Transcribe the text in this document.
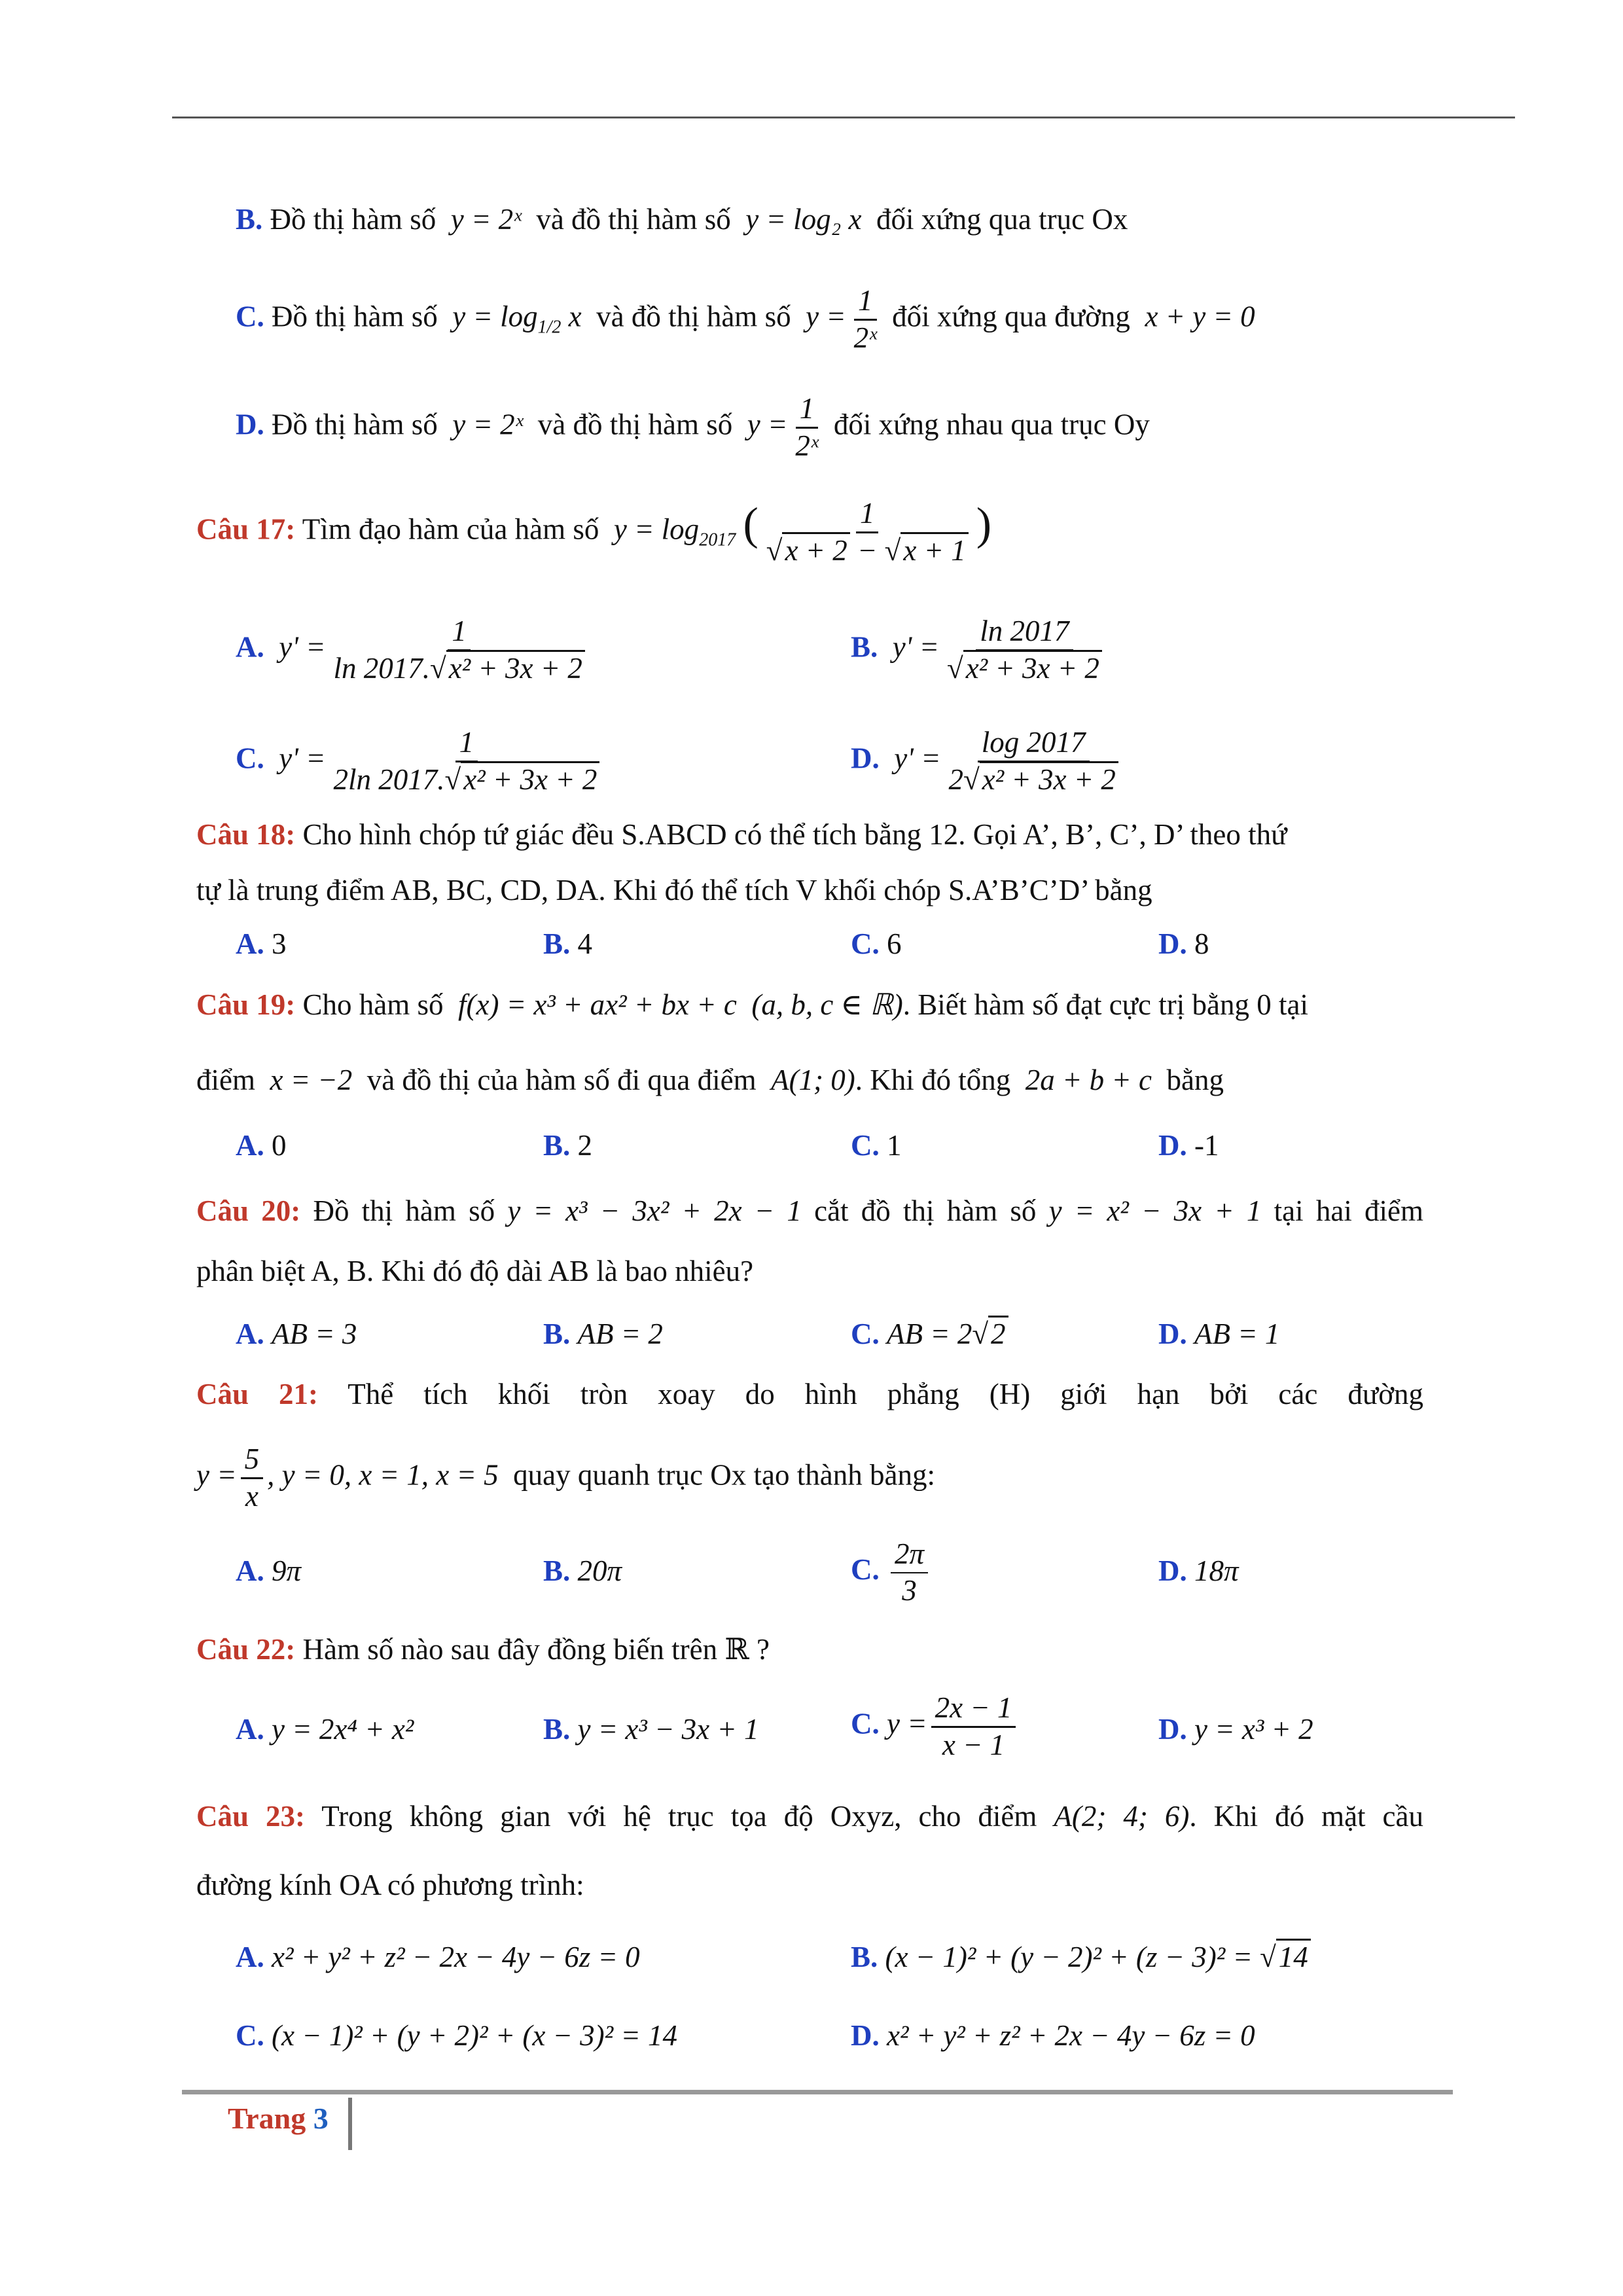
B. Đồ thị hàm số y = 2ˣ và đồ thị hàm số y = log₂ x đối xứng qua trục Ox
C. Đồ thị hàm số $y = \log_{1/2} x$ và đồ thị hàm số $y = \frac{1}{\text{2ˣ}}$ đối xứng qua đường x + y = 0
D. Đồ thị hàm số y = 2ˣ và đồ thị hàm số $y = \frac{1}{\text{2ˣ}}$ đối xứng nhau qua trục Oy
Câu 17: Tìm đạo hàm của hàm số $y = \log_{2017}$ ( $\frac{1}{√x + 2 - √x + 1}$ )
A. $y' = \frac{1}{\text{ln 2017.√x² + 3x + 2}}$	B. $y' = \frac{\ln 2017}{\text{√x² + 3x + 2}}$
C. $y' = \frac{1}{\text{2ln 2017.√x² + 3x + 2}}$	D. $y' = \frac{\log 2017}{\text{2√x² + 3x + 2}}$
Câu 18: Cho hình chóp tứ giác đều S.ABCD có thể tích bằng 12. Gọi A’, B’, C’, D’ theo thứ
tự là trung điểm AB, BC, CD, DA. Khi đó thể tích V khối chóp S.A’B’C’D’ bằng
A. 3	B. 4	C. 6	D. 8
Câu 19: Cho hàm số f(x) = x³ + ax² + bx + c (a, b, c ∈ ℝ). Biết hàm số đạt cực trị bằng 0 tại
điểm x = −2 và đồ thị của hàm số đi qua điểm A(1; 0). Khi đó tổng 2a + b + c bằng
A. 0	B. 2	C. 1	D. -1
Câu 20: Đồ thị hàm số y = x³ − 3x² + 2x − 1 cắt đồ thị hàm số y = x² − 3x + 1 tại hai điểm
phân biệt A, B. Khi đó độ dài AB là bao nhiêu?
A. AB = 3	B. AB = 2	C. AB = 2√2	D. AB = 1
Câu 21: Thể tích khối tròn xoay do hình phẳng (H) giới hạn bởi các đường
$y = \frac{5}{x}$ , y = 0, x = 1, x = 5 quay quanh trục Ox tạo thành bằng:
A. 9π	B. 20π	C. $\frac{2\pi}{3}$	D. 18π
Câu 22: Hàm số nào sau đây đồng biến trên ℝ ?
A. y = 2x⁴ + x²	B. y = x³ − 3x + 1	C. $y = \frac{2x - 1}{x - 1}$	D. y = x³ + 2
Câu 23: Trong không gian với hệ trục tọa độ Oxyz, cho điểm A(2; 4; 6). Khi đó mặt cầu
đường kính OA có phương trình:
A. x² + y² + z² − 2x − 4y − 6z = 0	B. (x − 1)² + (y − 2)² + (z − 3)² = √14
C. (x − 1)² + (y + 2)² + (x − 3)² = 14	D. x² + y² + z² + 2x − 4y − 6z = 0
Trang 3
